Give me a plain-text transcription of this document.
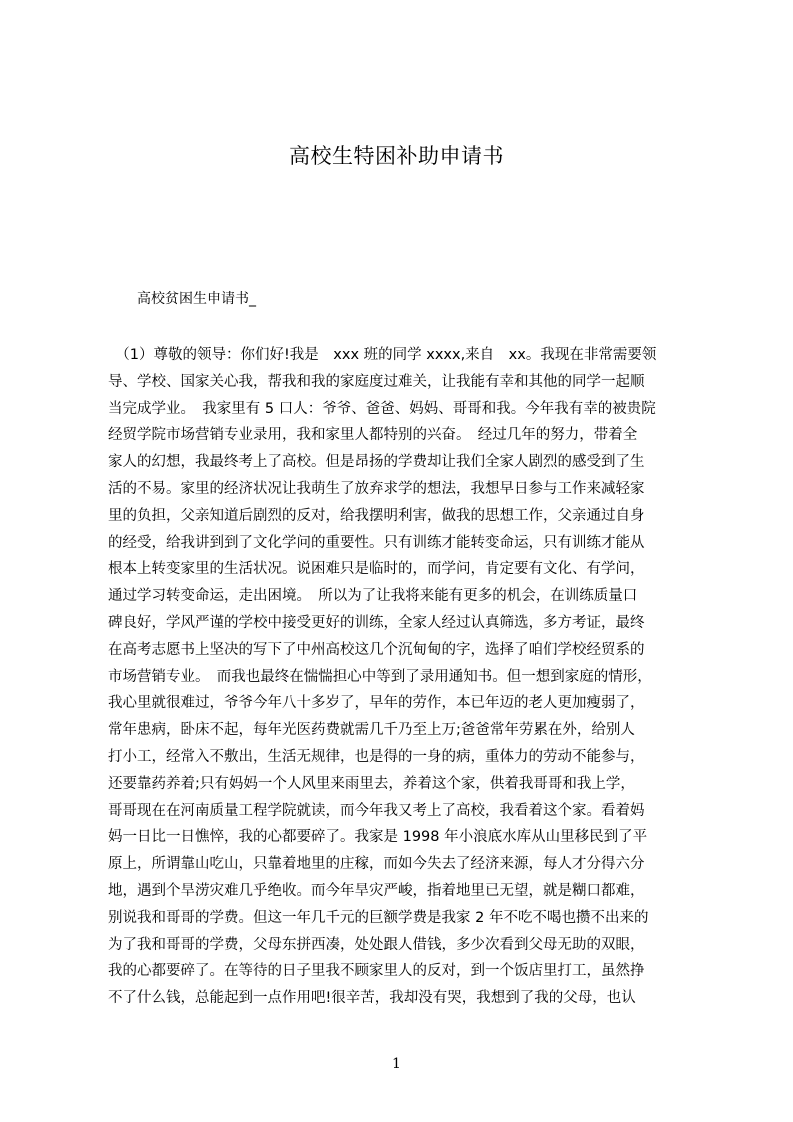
高校生特困补助申请书
高校贫困生申请书_
　（1）尊敬的领导：你们好!我是　xxx 班的同学 xxxx,来自　xx。我现在非常需要领
导、学校、国家关心我，帮我和我的家庭度过难关，让我能有幸和其他的同学一起顺
当完成学业。　我家里有 5 口人：爷爷、爸爸、妈妈、哥哥和我。今年我有幸的被贵院
经贸学院市场营销专业录用，我和家里人都特别的兴奋。　经过几年的努力，带着全
家人的幻想，我最终考上了高校。但是昂扬的学费却让我们全家人剧烈的感受到了生
活的不易。家里的经济状况让我萌生了放弃求学的想法，我想早日参与工作来减轻家
里的负担，父亲知道后剧烈的反对，给我摆明利害，做我的思想工作，父亲通过自身
的经受，给我讲到到了文化学问的重要性。只有训练才能转变命运，只有训练才能从
根本上转变家里的生活状况。说困难只是临时的，而学问，肯定要有文化、有学问，
通过学习转变命运，走出困境。　所以为了让我将来能有更多的机会，在训练质量口
碑良好，学风严谨的学校中接受更好的训练，全家人经过认真筛选，多方考证，最终
在高考志愿书上坚决的写下了中州高校这几个沉甸甸的字，选择了咱们学校经贸系的
市场营销专业。　而我也最终在惴惴担心中等到了录用通知书。但一想到家庭的情形，
我心里就很难过，爷爷今年八十多岁了，早年的劳作，本已年迈的老人更加瘦弱了，
常年患病，卧床不起，每年光医药费就需几千乃至上万;爸爸常年劳累在外，给别人
打小工，经常入不敷出，生活无规律，也是得的一身的病，重体力的劳动不能参与，
还要靠药养着;只有妈妈一个人风里来雨里去，养着这个家，供着我哥哥和我上学，
哥哥现在在河南质量工程学院就读，而今年我又考上了高校，我看着这个家。看着妈
妈一日比一日憔悴，我的心都要碎了。我家是 1998 年小浪底水库从山里移民到了平
原上，所谓靠山吃山，只靠着地里的庄稼，而如今失去了经济来源，每人才分得六分
地，遇到个旱涝灾难几乎绝收。而今年旱灾严峻，指着地里已无望，就是糊口都难，
别说我和哥哥的学费。但这一年几千元的巨额学费是我家 2 年不吃不喝也攒不出来的
为了我和哥哥的学费，父母东拼西凑，处处跟人借钱，多少次看到父母无助的双眼，
我的心都要碎了。在等待的日子里我不顾家里人的反对，到一个饭店里打工，虽然挣
不了什么钱，总能起到一点作用吧!很辛苦，我却没有哭，我想到了我的父母，也认
1
